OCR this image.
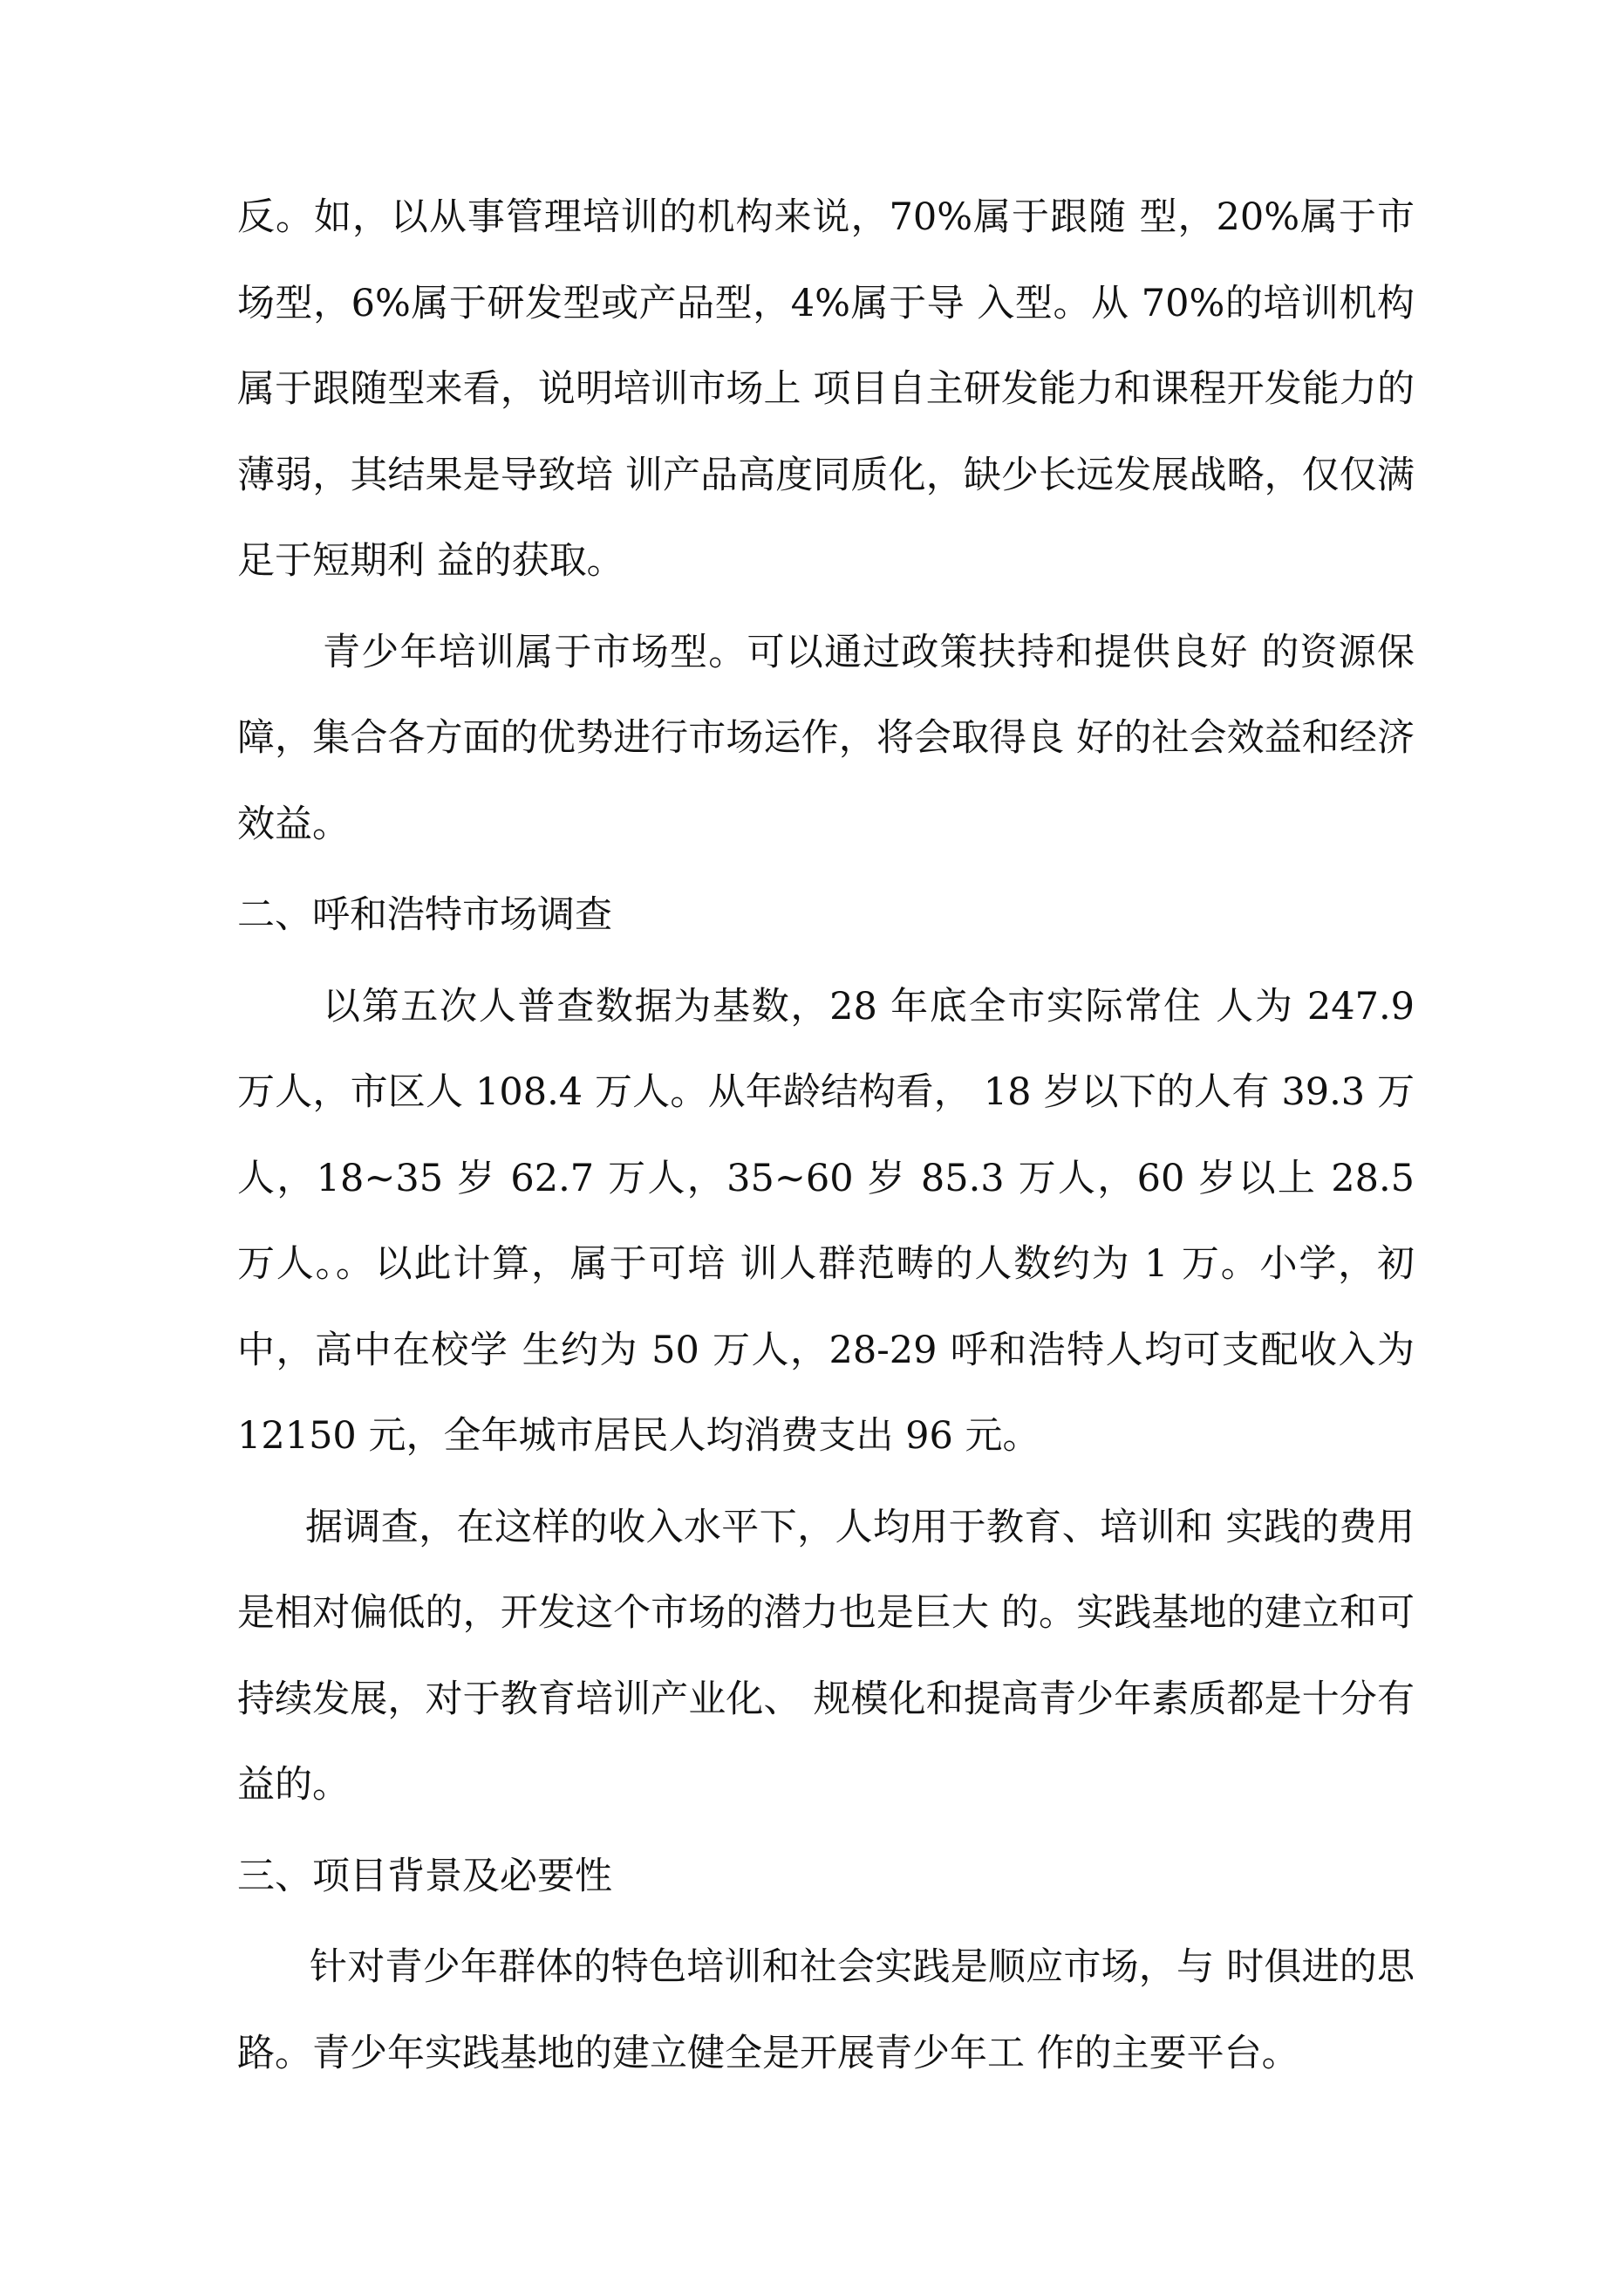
反。如，以从事管理培训的机构来说，70%属于跟随 型，20%属于市场型，6%属于研发型或产品型，4%属于导 入型。从 70%的培训机构属于跟随型来看，说明培训市场上 项目自主研发能力和课程开发能力的薄弱，其结果是导致培 训产品高度同质化，缺少长远发展战略，仅仅满足于短期利 益的获取。

青少年培训属于市场型。可以通过政策扶持和提供良好 的资源保障，集合各方面的优势进行市场运作，将会取得良 好的社会效益和经济效益。

二、呼和浩特市场调查

以第五次人普查数据为基数，28 年底全市实际常住 人为 247.9 万人，市区人 108.4 万人。从年龄结构看， 18 岁以下的人有 39.3 万人，18~35 岁 62.7 万人，35~60 岁 85.3 万人，60 岁以上 28.5 万人。。以此计算，属于可培 训人群范畴的人数约为 1 万。小学，初中，高中在校学 生约为 50 万人，28-29 呼和浩特人均可支配收入为 12150 元，全年城市居民人均消费支出 96 元。

据调查，在这样的收入水平下，人均用于教育、培训和 实践的费用是相对偏低的，开发这个市场的潜力也是巨大 的。实践基地的建立和可持续发展，对于教育培训产业化、 规模化和提高青少年素质都是十分有益的。

三、项目背景及必要性

针对青少年群体的特色培训和社会实践是顺应市场，与 时俱进的思路。青少年实践基地的建立健全是开展青少年工 作的主要平台。
